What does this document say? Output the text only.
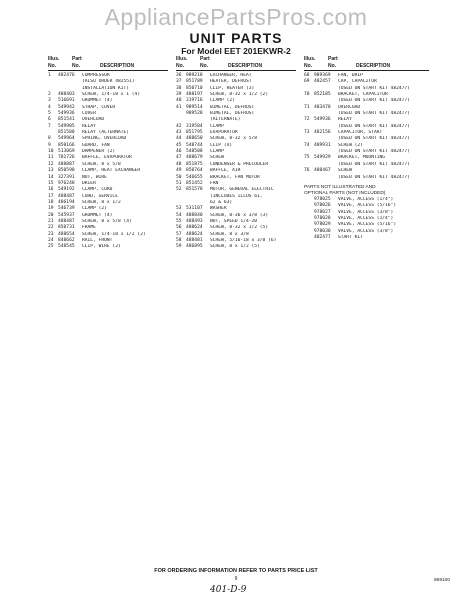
AppliancePartsPros.com
UNIT PARTS
For Model EET 201EKWR-2
Illus.	Part
No.	No.	DESCRIPTION
1	482476	COMPRESSOR
(ALSO ORDER 482551)
INSTALLATION KIT)
2	488403	SCREW, 1/4-18 x 1 (4)
3	516691	GROMMET (4)
4	549942	STRAP, COVER
5	549936	COVER
6	851541	OVERLOAD
7	549905	RELAY
851580	RELAY (ALTERNATE)
8	549964	SPRING, OVERLOAD
9	850166	GUARD, FAN
10 513069	DAMPENER (2)
11 781726	BAFFLE, EVAPORATOR
12 488887	SCREW, 8 x 5/8
13 850598	CLAMP, HEAT EXCHANGER
14 327391	NUT, WIRE
15 976248	DRIER
16 549192	CLAMP, CORD
17 488487	CORD, SERVICE
18 486194	SCREW, 8 x 1/2
19 546739	CLAMP (2)
20 545937	GROMMET (4)
21 488487	SCREW, 8 x 5/8 (4)
22 850731	FRAME
23 488654	SCREW, 1/4-18 x 1/2 (2)
24 848662	RAIL, FRONT
25 548545	CLIP, WIRE (2)
Illus.	Part
No.	No.	DESCRIPTION
36 989218	EXCHANGER, HEAT
37 851789	HEATER, DEFROST
38 850710	CLIP, HEATER (3)
39 488197	SCREW, 8-32 x 1/2 (2)
40 319716	CLAMP (2)
41 989514	BIMETAL, DEFROST
989528	BIMETAL, DEFROST
(ALTERNATE)
42 319584	CLAMP
43 851795	EVAPORATOR
44 488650	SCREW, 8-32 x 5/8
45 548744	CLIP (4)
46 548508	CLAMP
47 488679	SCREW
48 851875	CONDENSER & PRECOOLER
49 850764	BAFFLE, AIR
50 546655	BRACKET, FAN MOTOR
51 851452	FAN
52 851578	MOTOR, GENERAL ELECTRIC
(INCLUDES ILLUS 61,
62 & 63)
53 531107	WASHER
54 488840	SCREW, 8-36 x 3/8 (3)
55 488493	NUT, SPEED 1/4-20
56 488624	SCREW, 8-32 x 1/2 (5)
57 488624	SCREW, 8 x 3/8
58 488481	SCREW, 5/16-18 x 3/8 (6)
59 486895	SCREW, 8 x 1/2 (5)
Illus.	Part
No.	No.	DESCRIPTION
68 989369	FAN, DRIP
69 482457	CAP, CAPACITOR
(USED ON START KIT 482477)
70 852185	BRACKET, CAPACITOR
(USED ON START KIT 482477)
71 483478	OVERLOAD
(USED ON START KIT 482477)
72 549936	RELAY
(USED ON START KIT 482477)
73 482156	CAPACITOR, START
(USED ON START KIT 482477)
74 489931	SCREW (2)
(USED ON START KIT 482477)
75 549929	BRACKET, MOUNTING
(USED ON START KIT 482477)
76 480467	SCREW
(USED ON START KIT 482477)
PARTS NOT ILLUSTRATED AND
OPTIONAL PARTS (NOT INCLUDED)
978025	VALVE, ACCESS (1/4")
978026	VALVE, ACCESS (5/16")
978027	VALVE, ACCESS (3/8")
978028	VALVE, ACCESS (1/4")
978029	VALVE, ACCESS (5/16")
978030	VALVE, ACCESS (3/8")
482477	START KIT
FOR ORDERING INFORMATION REFER TO PARTS PRICE LIST
9	869100
401-D-9
